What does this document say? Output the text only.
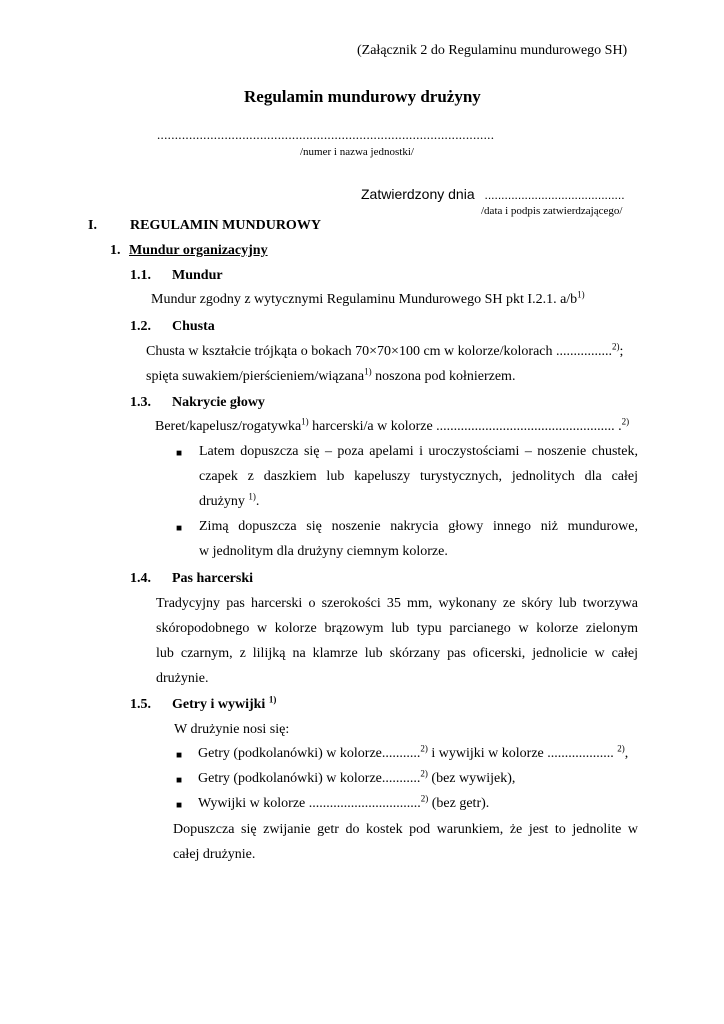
(Załącznik 2 do Regulaminu mundurowego SH)
Regulamin mundurowy drużyny
...............................................................................................
/numer i nazwa jednostki/
Zatwierdzony dnia ..........................................
/data i podpis zatwierdzającego/
I. REGULAMIN MUNDUROWY
1. Mundur organizacyjny
1.1. Mundur
Mundur zgodny z wytycznymi Regulaminu Mundurowego SH pkt I.2.1. $a/b^{1)}$
1.2. Chusta
Chusta w kształcie trójkąta o bokach 70×70×100 cm w kolorze/kolorach ................$^{2)}$;
spięta suwakiem/pierścieniem/wiązana$^{1)}$ noszona pod kołnierzem.
1.3. Nakrycie głowy
Beret/kapelusz/rogatywka$^{1)}$ harcerski/a w kolorze ................................................... .$^{2)}$
■ Latem dopuszcza się – poza apelami i uroczystościami – noszenie chustek,
czapek z daszkiem lub kapeluszy turystycznych, jednolitych dla całej
drużyny $^{1)}$.
■ Zimą dopuszcza się noszenie nakrycia głowy innego niż mundurowe,
w jednolitym dla drużyny ciemnym kolorze.
1.4. Pas harcerski
Tradycyjny pas harcerski o szerokości 35 mm, wykonany ze skóry lub tworzywa
skóropodobnego w kolorze brązowym lub typu parcianego w kolorze zielonym
lub czarnym, z lilijką na klamrze lub skórzany pas oficerski, jednolicie w całej
drużynie.
1.5. Getry i wywijki $^{1)}$
W drużynie nosi się:
■ Getry (podkolanówki) w kolorze...........$^{2)}$ i wywijki w kolorze ................... $^{2)}$,
■ Getry (podkolanówki) w kolorze...........$^{2)}$ (bez wywijek),
■ Wywijki w kolorze ................................$^{2)}$ (bez getr).
Dopuszcza się zwijanie getr do kostek pod warunkiem, że jest to jednolite w
całej drużynie.
